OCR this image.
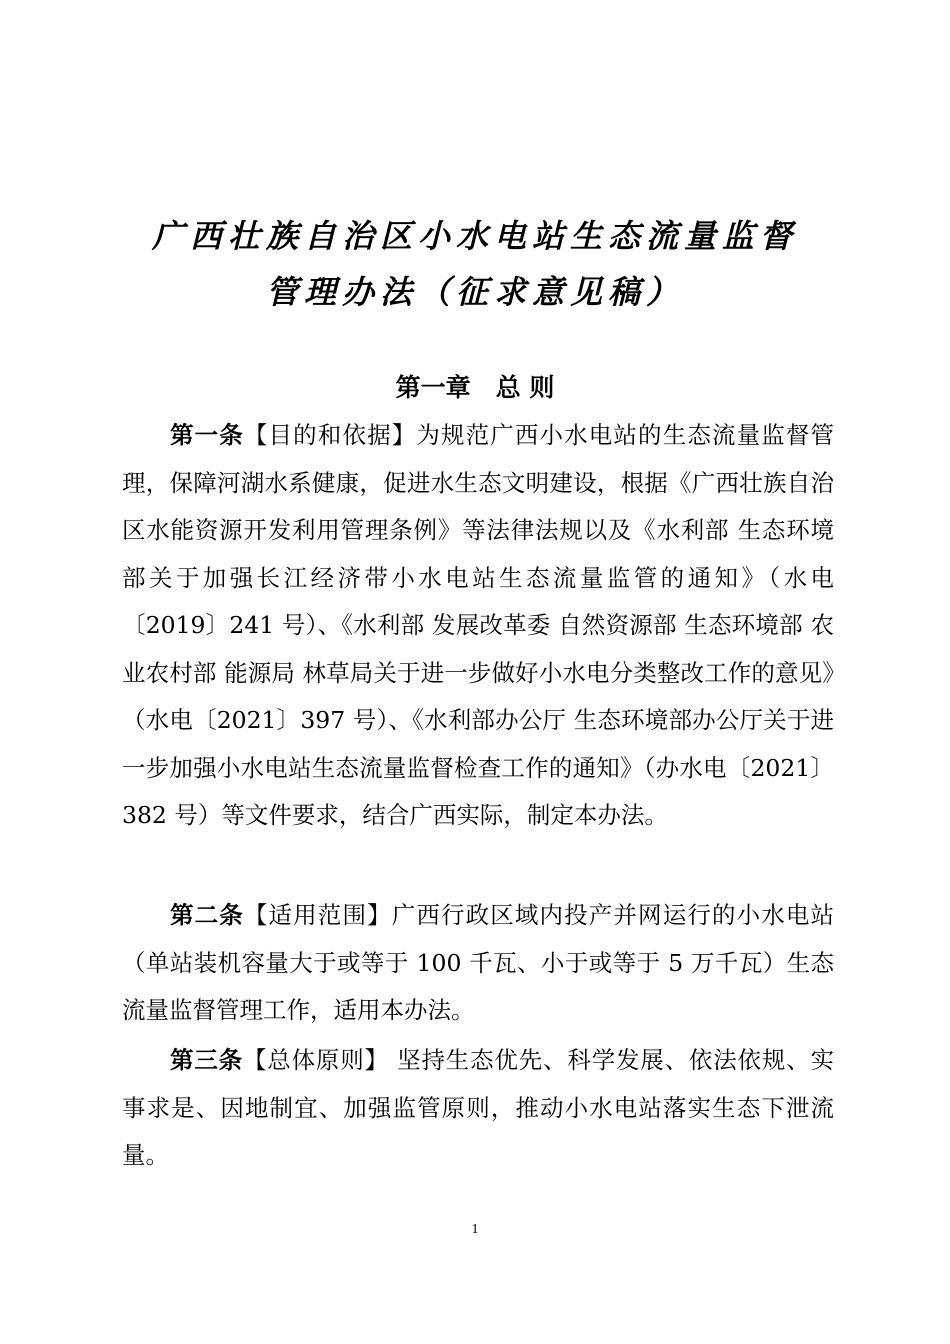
广西壮族自治区小水电站生态流量监督
管理办法（征求意见稿）
第一章　总 则

第一条【目的和依据】为规范广西小水电站的生态流量监督管理，保障河湖水系健康，促进水生态文明建设，根据《广西壮族自治区水能资源开发利用管理条例》等法律法规以及《水利部 生态环境部关于加强长江经济带小水电站生态流量监管的通知》（水电〔2019〕241 号）、《水利部 发展改革委 自然资源部 生态环境部 农业农村部 能源局 林草局关于进一步做好小水电分类整改工作的意见》（水电〔2021〕397 号）、《水利部办公厅 生态环境部办公厅关于进一步加强小水电站生态流量监督检查工作的通知》（办水电〔2021〕382 号）等文件要求，结合广西实际，制定本办法。

第二条【适用范围】广西行政区域内投产并网运行的小水电站（单站装机容量大于或等于 100 千瓦、小于或等于 5 万千瓦）生态流量监督管理工作，适用本办法。

第三条【总体原则】 坚持生态优先、科学发展、依法依规、实事求是、因地制宜、加强监管原则，推动小水电站落实生态下泄流量。

1
